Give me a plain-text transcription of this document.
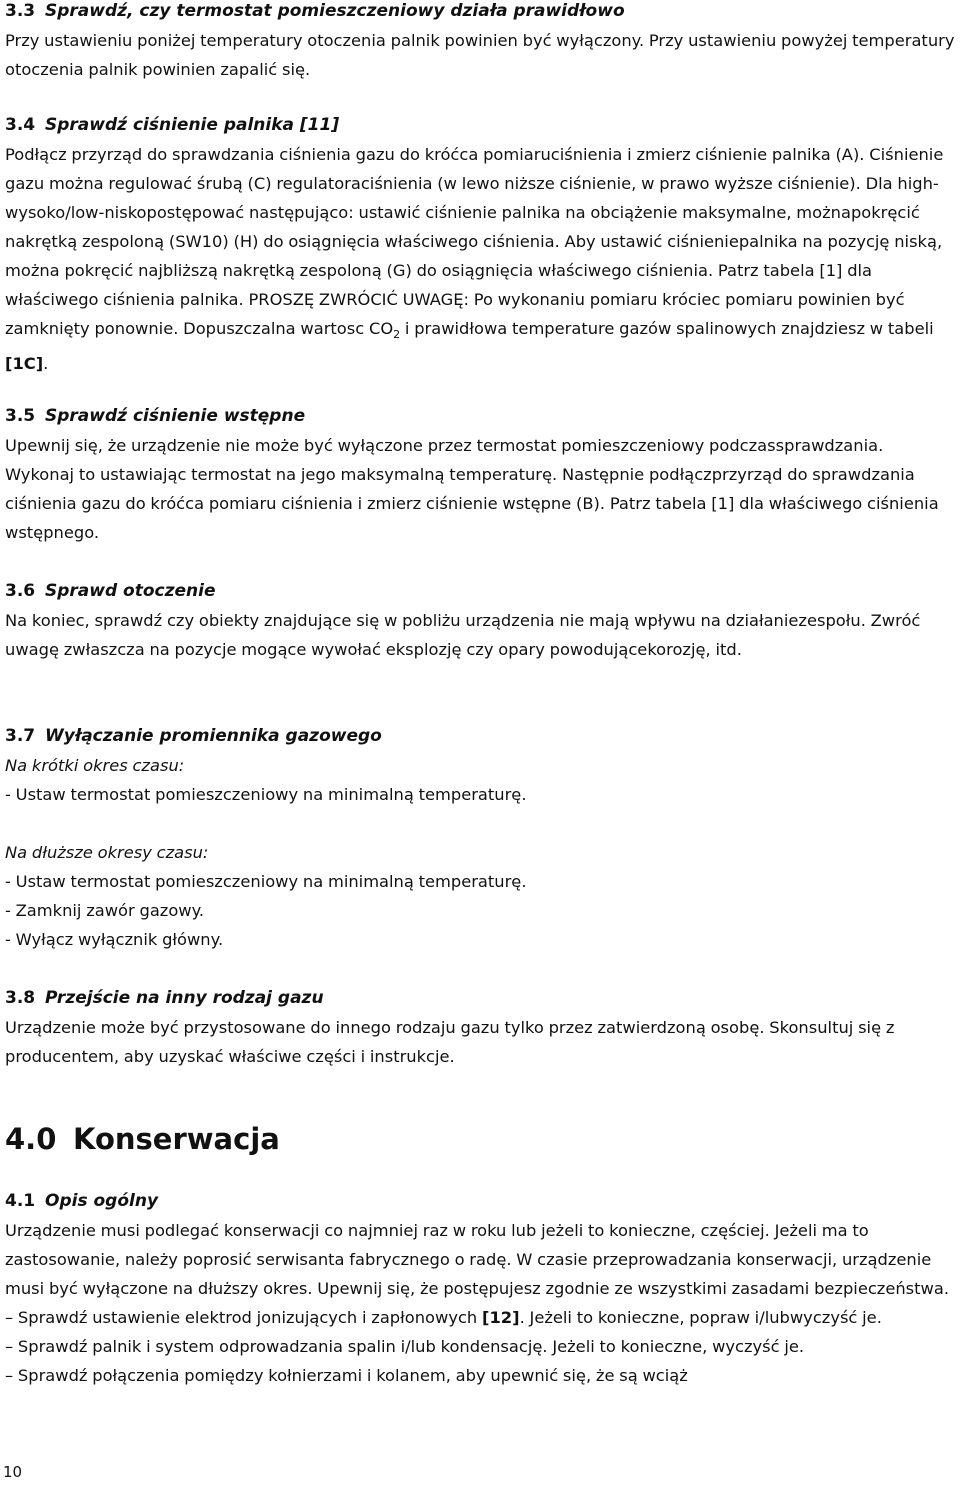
3.3 Sprawdź, czy termostat pomieszczeniowy działa prawidłowo

Przy ustawieniu poniżej temperatury otoczenia palnik powinien być wyłączony. Przy ustawieniu powyżej temperatury otoczenia palnik powinien zapalić się.

3.4 Sprawdź ciśnienie palnika [11]

Podłącz przyrząd do sprawdzania ciśnienia gazu do króćca pomiaruciśnienia i zmierz ciśnienie palnika (A). Ciśnienie gazu można regulować śrubą (C) regulatoraciśnienia (w lewo niższe ciśnienie, w prawo wyższe ciśnienie). Dla high-wysoko/low-niskopostępować następująco: ustawić ciśnienie palnika na obciążenie maksymalne, możnapokręcić nakrętką zespoloną (SW10) (H) do osiągnięcia właściwego ciśnienia. Aby ustawić ciśnieniepalnika na pozycję niską, można pokręcić najbliższą nakrętką zespoloną (G) do osiągnięcia właściwego ciśnienia. Patrz tabela [1] dla właściwego ciśnienia palnika. PROSZĘ ZWRÓCIĆ UWAGĘ: Po wykonaniu pomiaru króciec pomiaru powinien być zamknięty ponownie. Dopuszczalna wartosc $CO_2$ i prawidłowa temperature gazów spalinowych znajdziesz w tabeli [1C].

3.5 Sprawdź ciśnienie wstępne

Upewnij się, że urządzenie nie może być wyłączone przez termostat pomieszczeniowy podczassprawdzania. Wykonaj to ustawiając termostat na jego maksymalną temperaturę. Następnie podłączprzyrząd do sprawdzania ciśnienia gazu do króćca pomiaru ciśnienia i zmierz ciśnienie wstępne (B). Patrz tabela [1] dla właściwego ciśnienia wstępnego.

3.6 Sprawd otoczenie

Na koniec, sprawdź czy obiekty znajdujące się w pobliżu urządzenia nie mają wpływu na działaniezespołu. Zwróć uwagę zwłaszcza na pozycje mogące wywołać eksplozję czy opary powodującekorozję, itd.

3.7 Wyłączanie promiennika gazowego

Na krótki okres czasu:

- Ustaw termostat pomieszczeniowy na minimalną temperaturę.

Na dłuższe okresy czasu:

- Ustaw termostat pomieszczeniowy na minimalną temperaturę.

- Zamknij zawór gazowy.

- Wyłącz wyłącznik główny.

3.8 Przejście na inny rodzaj gazu

Urządzenie może być przystosowane do innego rodzaju gazu tylko przez zatwierdzoną osobę. Skonsultuj się z producentem, aby uzyskać właściwe części i instrukcje.

4.0 Konserwacja
4.1 Opis ogólny

Urządzenie musi podlegać konserwacji co najmniej raz w roku lub jeżeli to konieczne, częściej. Jeżeli ma to zastosowanie, należy poprosić serwisanta fabrycznego o radę. W czasie przeprowadzania konserwacji, urządzenie musi być wyłączone na dłuższy okres. Upewnij się, że postępujesz zgodnie ze wszystkimi zasadami bezpieczeństwa.

– Sprawdź ustawienie elektrod jonizujących i zapłonowych [12]. Jeżeli to konieczne, popraw i/lubwyczyść je.

– Sprawdź palnik i system odprowadzania spalin i/lub kondensację. Jeżeli to konieczne, wyczyść je.

– Sprawdź połączenia pomiędzy kołnierzami i kolanem, aby upewnić się, że są wciąż

10
